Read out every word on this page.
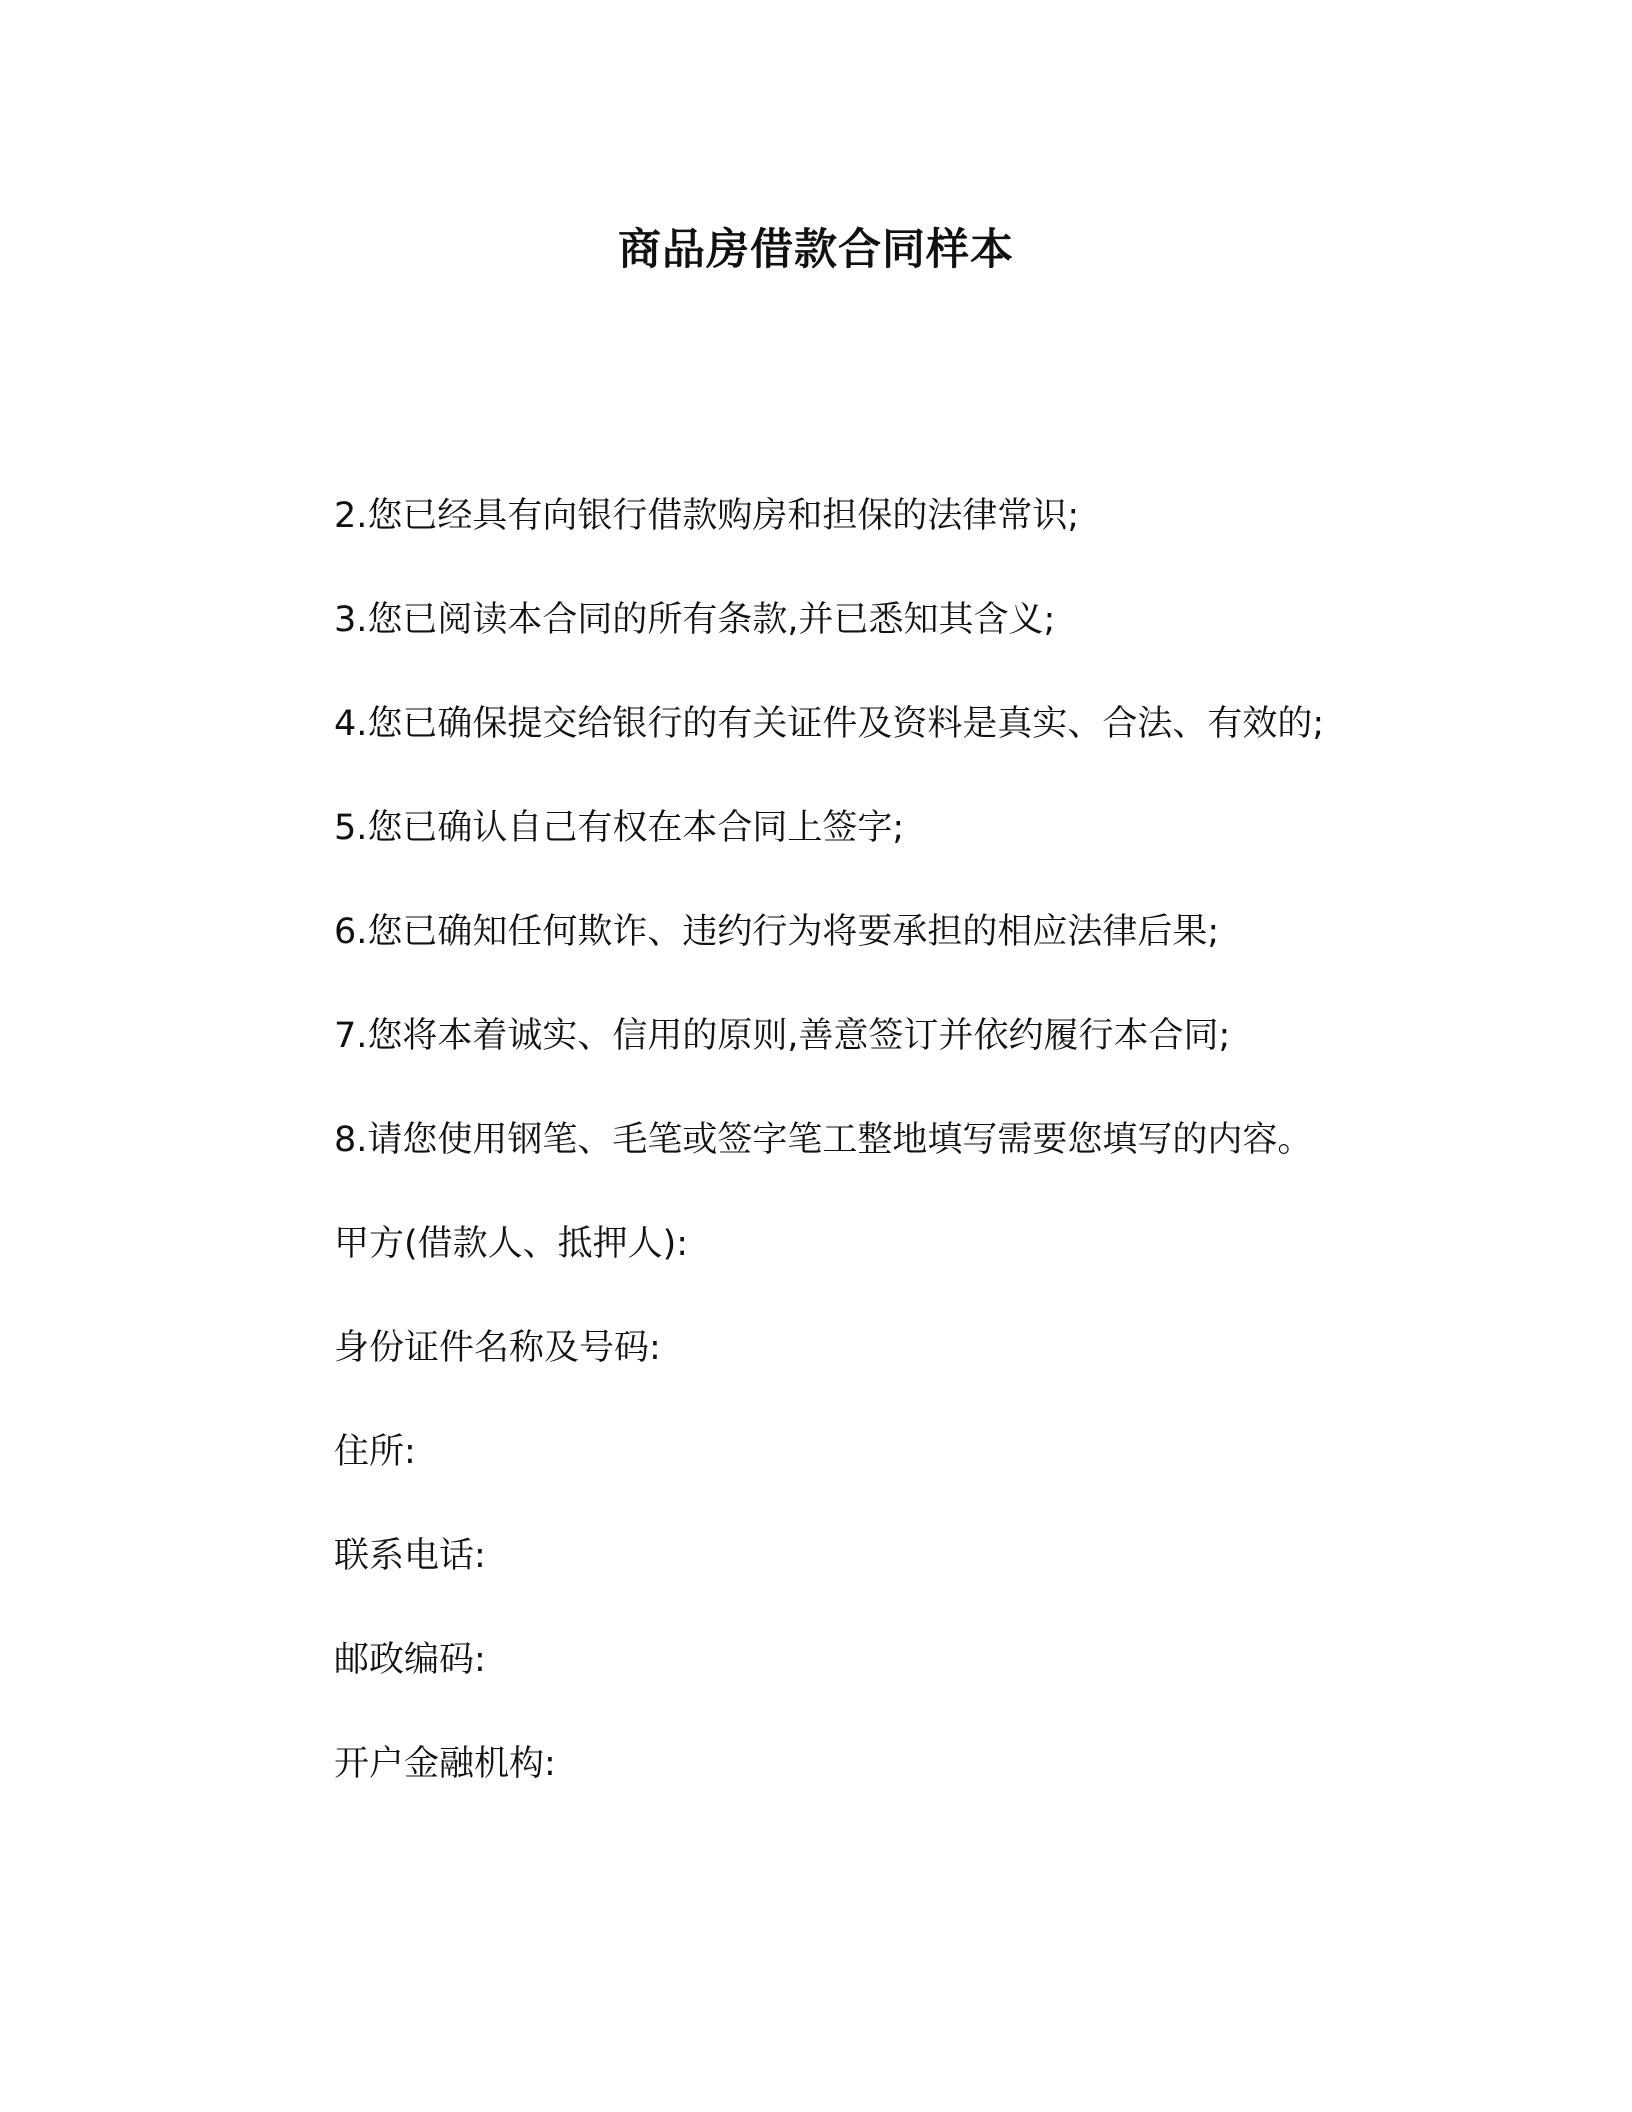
商品房借款合同样本
2.您已经具有向银行借款购房和担保的法律常识;
3.您已阅读本合同的所有条款,并已悉知其含义;
4.您已确保提交给银行的有关证件及资料是真实、合法、有效的;
5.您已确认自己有权在本合同上签字;
6.您已确知任何欺诈、违约行为将要承担的相应法律后果;
7.您将本着诚实、信用的原则,善意签订并依约履行本合同;
8.请您使用钢笔、毛笔或签字笔工整地填写需要您填写的内容。
甲方(借款人、抵押人):
身份证件名称及号码:
住所:
联系电话:
邮政编码:
开户金融机构:
